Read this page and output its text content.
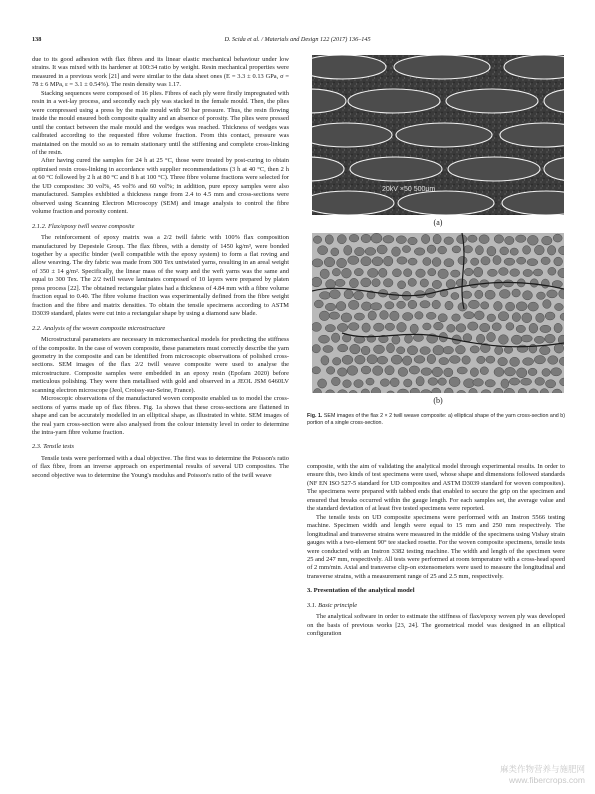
138	D. Scida et al. / Materials and Design 122 (2017) 136–145

due to its good adhesion with flax fibres and its linear elastic mechanical behaviour under low strains. It was mixed with its hardener at 100:34 ratio by weight. Resin mechanical properties were measured in a previous work [21] and were similar to the data sheet ones (E = 3.3 ± 0.13 GPa, σ = 78 ± 6 MPa, ε = 3.1 ± 0.54%). The resin density was 1.17.

Stacking sequences were composed of 16 plies. Fibres of each ply were firstly impregnated with resin in a wet-lay process, and secondly each ply was stacked in the female mould. Then, the plies were compressed using a press by the male mould with 50 bar pressure. Thus, the resin flowing inside the mould ensured both composite quality and an absence of porosity. The plies were pressed until the contact between the male mould and the wedges was reached. Thickness of wedges was calibrated according to the requested fibre volume fraction. From this contact, pressure was maintained on the mould so as to remain stationary until the stiffening and complete cross-linking of the resin.

After having cured the samples for 24 h at 25 °C, those were treated by post-curing to obtain optimised resin cross-linking in accordance with supplier recommendations (3 h at 40 °C, then 2 h at 60 °C followed by 2 h at 80 °C and 8 h at 100 °C). Three fibre volume fractions were selected for the UD composites: 30 vol%, 45 vol% and 60 vol%; in addition, pure epoxy samples were also manufactured. Samples exhibited a thickness range from 2.4 to 4.5 mm and cross-sections were observed using Scanning Electron Microscopy (SEM) and image analysis to control the fibre volume fraction and porosity content.

2.1.2. Flax/epoxy twill weave composite

The reinforcement of epoxy matrix was a 2/2 twill fabric with 100% flax composition manufactured by Depestele Group. The flax fibres, with a density of 1450 kg/m³, were bonded together by a specific binder (well compatible with the epoxy system) to form a flat roving and allow weaving. The dry fabric was made from 300 Tex untwisted yarns, resulting in an areal weight of 350 ± 14 g/m². Specifically, the linear mass of the warp and the weft yarns was the same and equal to 300 Tex. The 2/2 twill weave laminates composed of 10 layers were prepared by platen press process [22]. The obtained rectangular plates had a thickness of 4.84 mm with a fibre volume fraction equal to 0.40. The fibre volume fraction was experimentally defined from the fibre weight fraction and the fibre and matrix densities. To obtain the tensile specimens according to ASTM D3039 standard, plates were cut into a rectangular shape by using a diamond saw blade.

2.2. Analysis of the woven composite microstructure

Microstructural parameters are necessary in micromechanical models for predicting the stiffness of the composite. In the case of woven composite, these parameters must correctly describe the yarn geometry in the composite and can be identified from microscopic observations of polished cross-sections. SEM images of the flax 2/2 twill weave composite were used to analyse the microstructure. Composite samples were embedded in an epoxy resin (Epofam 2020) before meticulous polishing. They were then metallised with gold and observed in a JEOL JSM 6460LV scanning electron microscope (Jeol, Croissy-sur-Seine, France).

Microscopic observations of the manufactured woven composite enabled us to model the cross-sections of yarns made up of flax fibres. Fig. 1a shows that these cross-sections are flattened in shape and can be accurately modelled in an elliptical shape, as illustrated in white. SEM images of the real yarn cross-section were also analysed from the colour intensity level in order to determine the intra-yarn fibre volume fraction.

2.3. Tensile tests

Tensile tests were performed with a dual objective. The first was to determine the Poisson's ratio of flax fibre, from an inverse approach on experimental results of several UD composites. The second objective was to determine the Young's modulus and Poisson's ratio of the twill weave

20kV ×50 500μm
(a)
(b)
Fig. 1. SEM images of the flax 2 × 2 twill weave composite: a) elliptical shape of the yarn cross-section and b) portion of a single cross-section.

composite, with the aim of validating the analytical model through experimental results. In order to ensure this, two kinds of test specimens were used, whose shape and dimensions followed standards (NF EN ISO 527-5 standard for UD composites and ASTM D3039 standard for woven composites). The specimens were prepared with tabbed ends that enabled to secure the grip on the specimen and ensured that breaks occurred within the gauge length. For each samples set, the average value and the standard deviation of at least five tested specimens were reported.

The tensile tests on UD composite specimens were performed with an Instron 5566 testing machine. Specimen width and length were equal to 15 mm and 250 mm respectively. The longitudinal and transverse strains were measured in the middle of the specimens using Vishay strain gauges with a two-element 90° tee stacked rosette. For the woven composite specimens, tensile tests were conducted with an Instron 3382 testing machine. The width and length of the specimen were 25 and 247 mm, respectively. All tests were performed at room temperature with a cross-head speed of 2 mm/min. Axial and transverse clip-on extensometers were used to measure the longitudinal and transverse strains, with a measurement range of 25 and 2.5 mm, respectively.

3. Presentation of the analytical model
3.1. Basic principle

The analytical software in order to estimate the stiffness of flax/epoxy woven ply was developed on the basis of previous works [23, 24]. The geometrical model was designed in an elliptical configuration

麻类作物营养与施肥网
www.fibercrops.com
